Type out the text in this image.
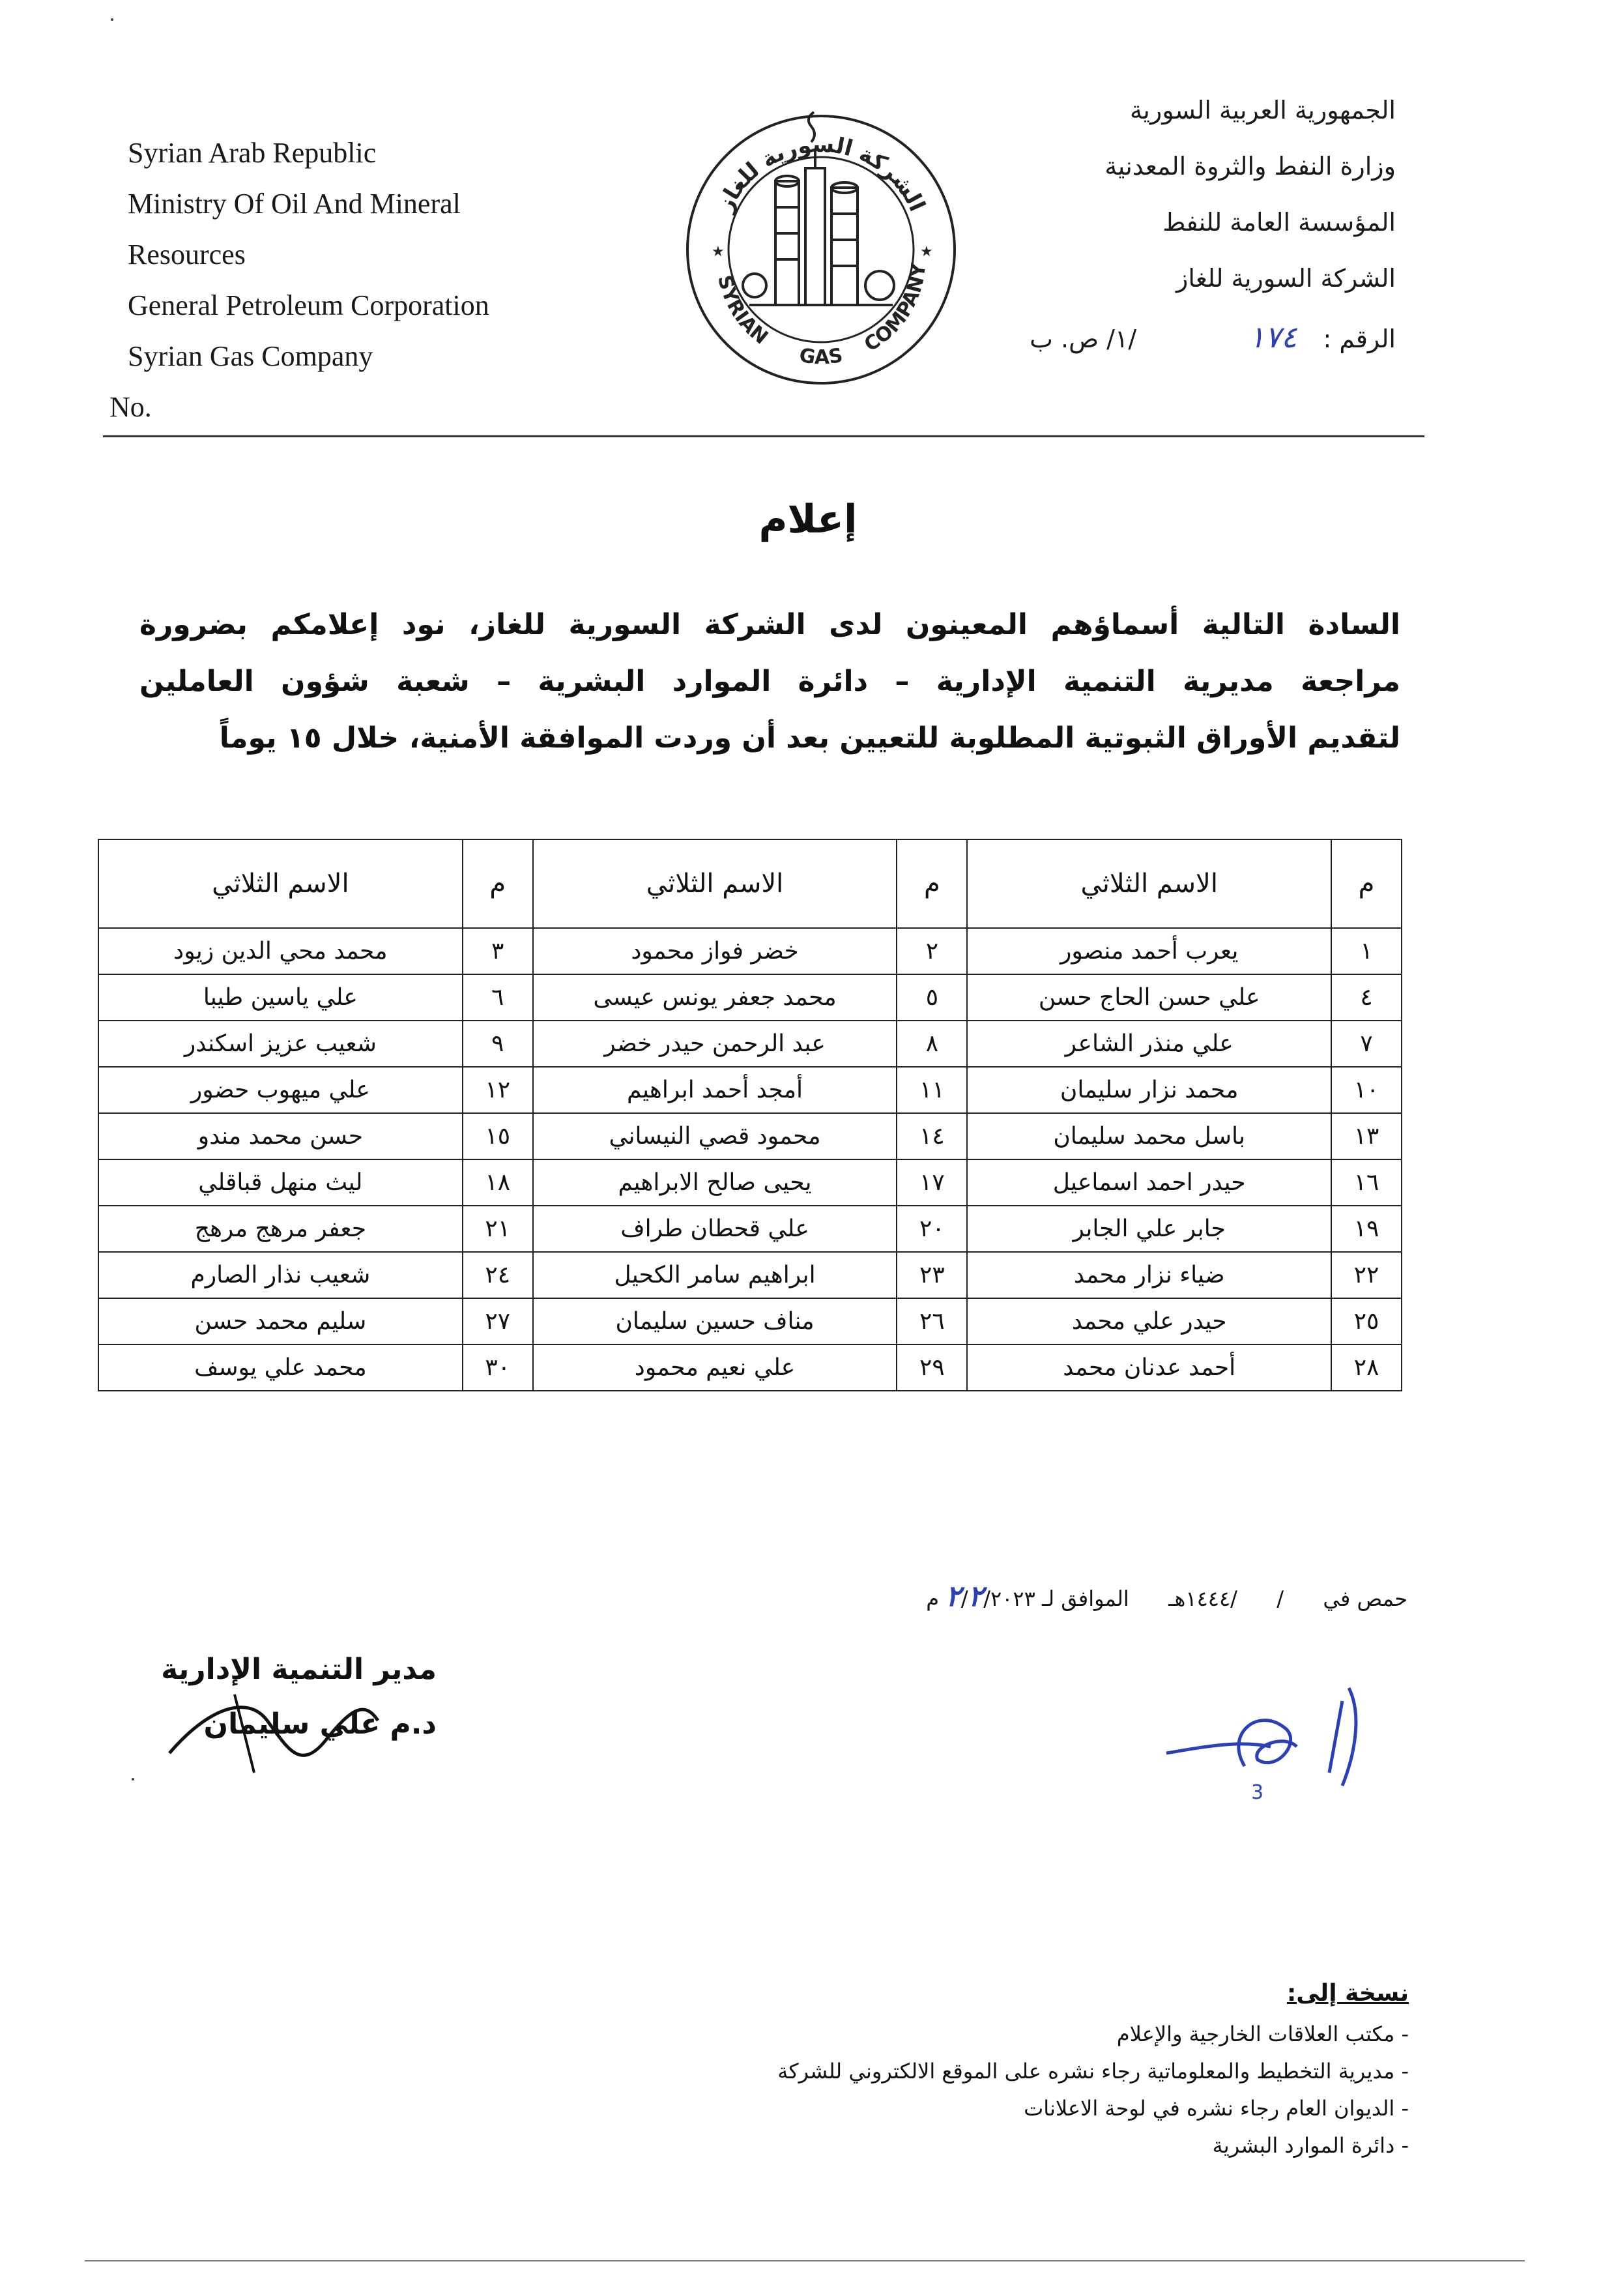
Syrian Arab Republic
Ministry Of Oil And Mineral
Resources
General Petroleum Corporation
Syrian Gas Company
No.
الشركة السورية للغاز
SYRIAN
GAS
COMPANY
★	★
الجمهورية العربية السورية
وزارة النفط والثروة المعدنية
المؤسسة العامة للنفط
الشركة السورية للغاز
الرقم : ١٧٤  /١/ ص. ب
إعلام
السادة التالية أسماؤهم المعينون لدى الشركة السورية للغاز، نود إعلامكم بضرورة
مراجعة مديرية التنمية الإدارية – دائرة الموارد البشرية – شعبة شؤون العاملين
لتقديم الأوراق الثبوتية المطلوبة للتعيين بعد أن وردت الموافقة الأمنية، خلال ١٥ يوماً
م	الاسم الثلاثي	م	الاسم الثلاثي	م	الاسم الثلاثي
١	يعرب أحمد منصور	٢	خضر فواز محمود	٣	محمد محي الدين زيود
٤	علي حسن الحاج حسن	٥	محمد جعفر يونس عيسى	٦	علي ياسين طيبا
٧	علي منذر الشاعر	٨	عبد الرحمن حيدر خضر	٩	شعيب عزيز اسكندر
١٠	محمد نزار سليمان	١١	أمجد أحمد ابراهيم	١٢	علي ميهوب حضور
١٣	باسل محمد سليمان	١٤	محمود قصي النيساني	١٥	حسن محمد مندو
١٦	حيدر احمد اسماعيل	١٧	يحيى صالح الابراهيم	١٨	ليث منهل قباقلي
١٩	جابر علي الجابر	٢٠	علي قحطان طراف	٢١	جعفر مرهج مرهج
٢٢	ضياء نزار محمد	٢٣	ابراهيم سامر الكحيل	٢٤	شعيب نذار الصارم
٢٥	حيدر علي محمد	٢٦	مناف حسين سليمان	٢٧	سليم محمد حسن
٢٨	أحمد عدنان محمد	٢٩	علي نعيم محمود	٣٠	محمد علي يوسف
حمص في  /  /١٤٤٤هـ  الموافق لـ ٢/٢/٢٠٢٣ م
مدير التنمية الإدارية
د.م علي سليمان
3
نسخة إلى:
- مكتب العلاقات الخارجية والإعلام
- مديرية التخطيط والمعلوماتية رجاء نشره على الموقع الالكتروني للشركة
- الديوان العام رجاء نشره في لوحة الاعلانات
- دائرة الموارد البشرية
